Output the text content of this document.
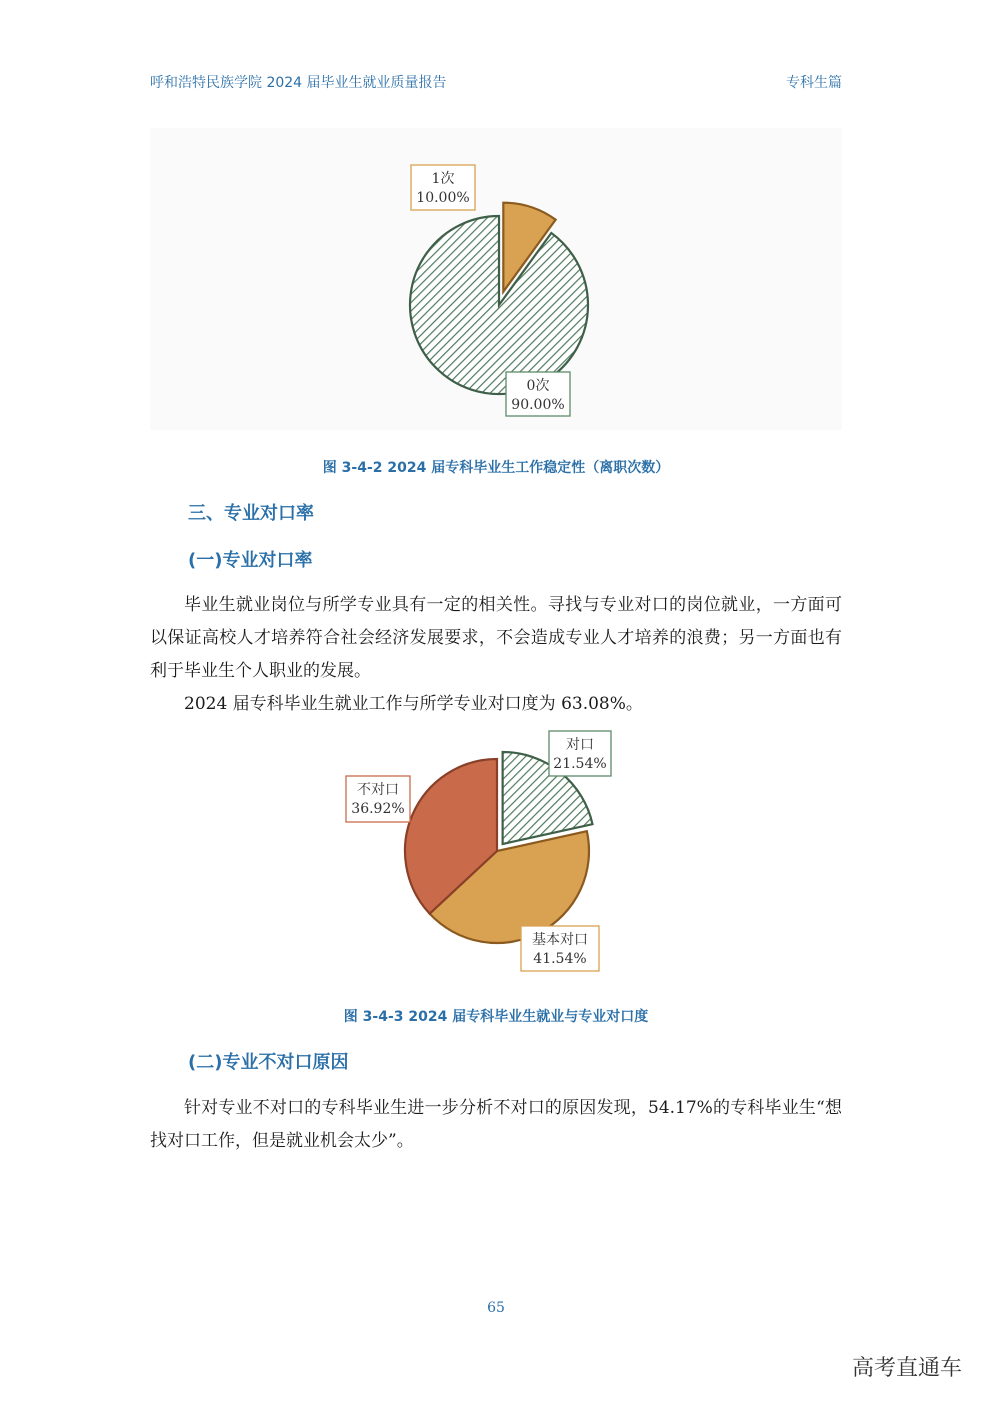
呼和浩特民族学院 2024 届毕业生就业质量报告	专科生篇
0次
90.00%
1次
10.00%
对口
21.54%
基本对口
41.54%
不对口
36.92%
图 3-4-2 2024 届专科毕业生工作稳定性（离职次数）
三、专业对口率
(一)专业对口率

毕业生就业岗位与所学专业具有一定的相关性。寻找与专业对口的岗位就业，一方面可以保证高校人才培养符合社会经济发展要求，不会造成专业人才培养的浪费；另一方面也有利于毕业生个人职业的发展。

2024 届专科毕业生就业工作与所学专业对口度为 63.08%。

图 3-4-3 2024 届专科毕业生就业与专业对口度
(二)专业不对口原因

针对专业不对口的专科毕业生进一步分析不对口的原因发现，54.17%的专科毕业生“想找对口工作，但是就业机会太少”。

65
高考直通车
